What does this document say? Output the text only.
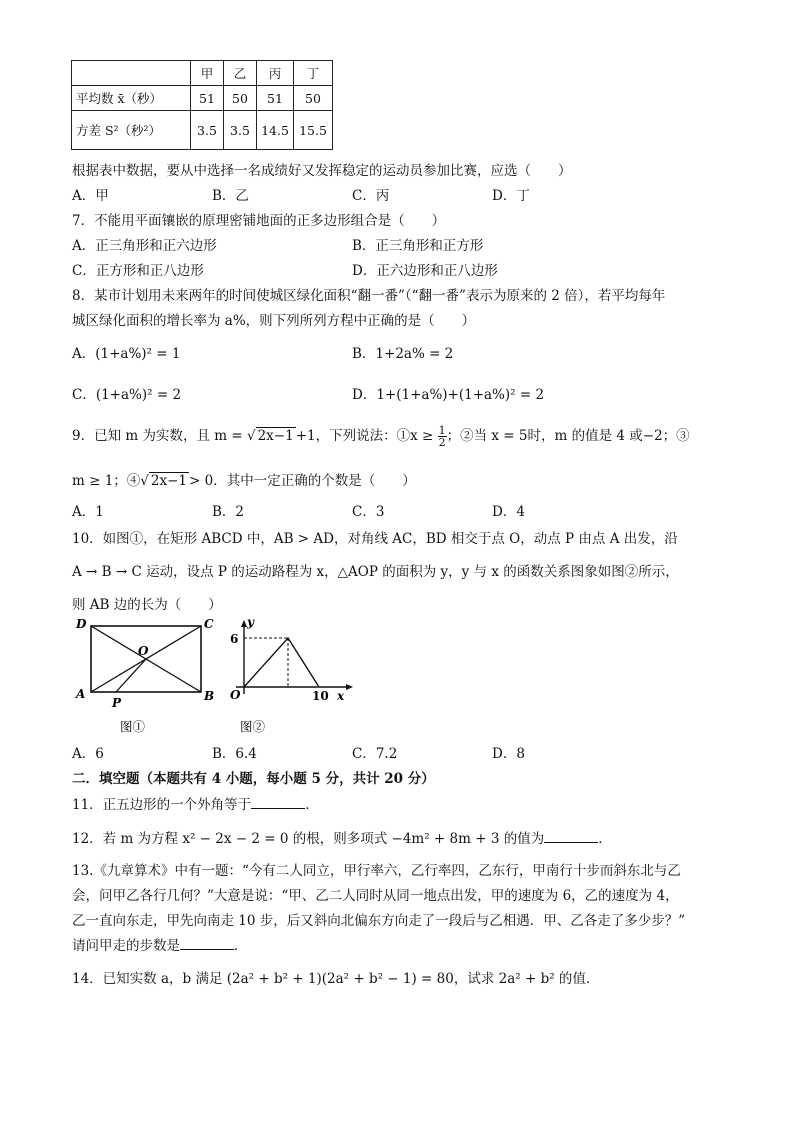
	甲	乙	丙	丁
平均数 x̄（秒）	51	50	51	50
方差 S²（秒²）	3.5	3.5	14.5	15.5
根据表中数据，要从中选择一名成绩好又发挥稳定的运动员参加比赛，应选（　　）
A．甲	B．乙	C．丙	D．丁
7．不能用平面镶嵌的原理密铺地面的正多边形组合是（　　）
A．正三角形和正六边形	B．正三角形和正方形
C．正方形和正八边形	D．正六边形和正八边形
8．某市计划用未来两年的时间使城区绿化面积“翻一番”（“翻一番”表示为原来的 2 倍），若平均每年
城区绿化面积的增长率为 a%，则下列所列方程中正确的是（　　）
A．(1+a%)² = 1	B．1+2a% = 2
C．(1+a%)² = 2	D．1+(1+a%)+(1+a%)² = 2
9．已知 m 为实数，且 m = √ 2x−1 +1，下列说法：①x ≥ $\frac{1}{2}$ ；②当 x = 5时，m 的值是 4 或−2；③
m ≥ 1；④√ 2x−1 > 0．其中一定正确的个数是（　　）
A．1	B．2	C．3	D．4
10．如图①，在矩形 ABCD 中，AB > AD，对角线 AC，BD 相交于点 O，动点 P 由点 A 出发，沿
A → B → C 运动，设点 P 的运动路程为 x，△AOP 的面积为 y，y 与 x 的函数关系图象如图②所示，
则 AB 边的长为（　　）
D	C
A	B
O
P
图①
y
6
O	10 x
图②
A．6	B．6.4	C．7.2	D．8
二．填空题（本题共有 4 小题，每小题 5 分，共计 20 分）
11．正五边形的一个外角等于	．
12．若 m 为方程 x² − 2x − 2 = 0 的根，则多项式 −4m² + 8m + 3 的值为	．
13.《九章算术》中有一题：“今有二人同立，甲行率六，乙行率四，乙东行，甲南行十步而斜东北与乙
会，问甲乙各行几何？”大意是说：“甲、乙二人同时从同一地点出发，甲的速度为 6，乙的速度为 4，
乙一直向东走，甲先向南走 10 步，后又斜向北偏东方向走了一段后与乙相遇．甲、乙各走了多少步？”
请问甲走的步数是	．
14．已知实数 a，b 满足 (2a² + b² + 1)(2a² + b² − 1) = 80，试求 2a² + b² 的值．
